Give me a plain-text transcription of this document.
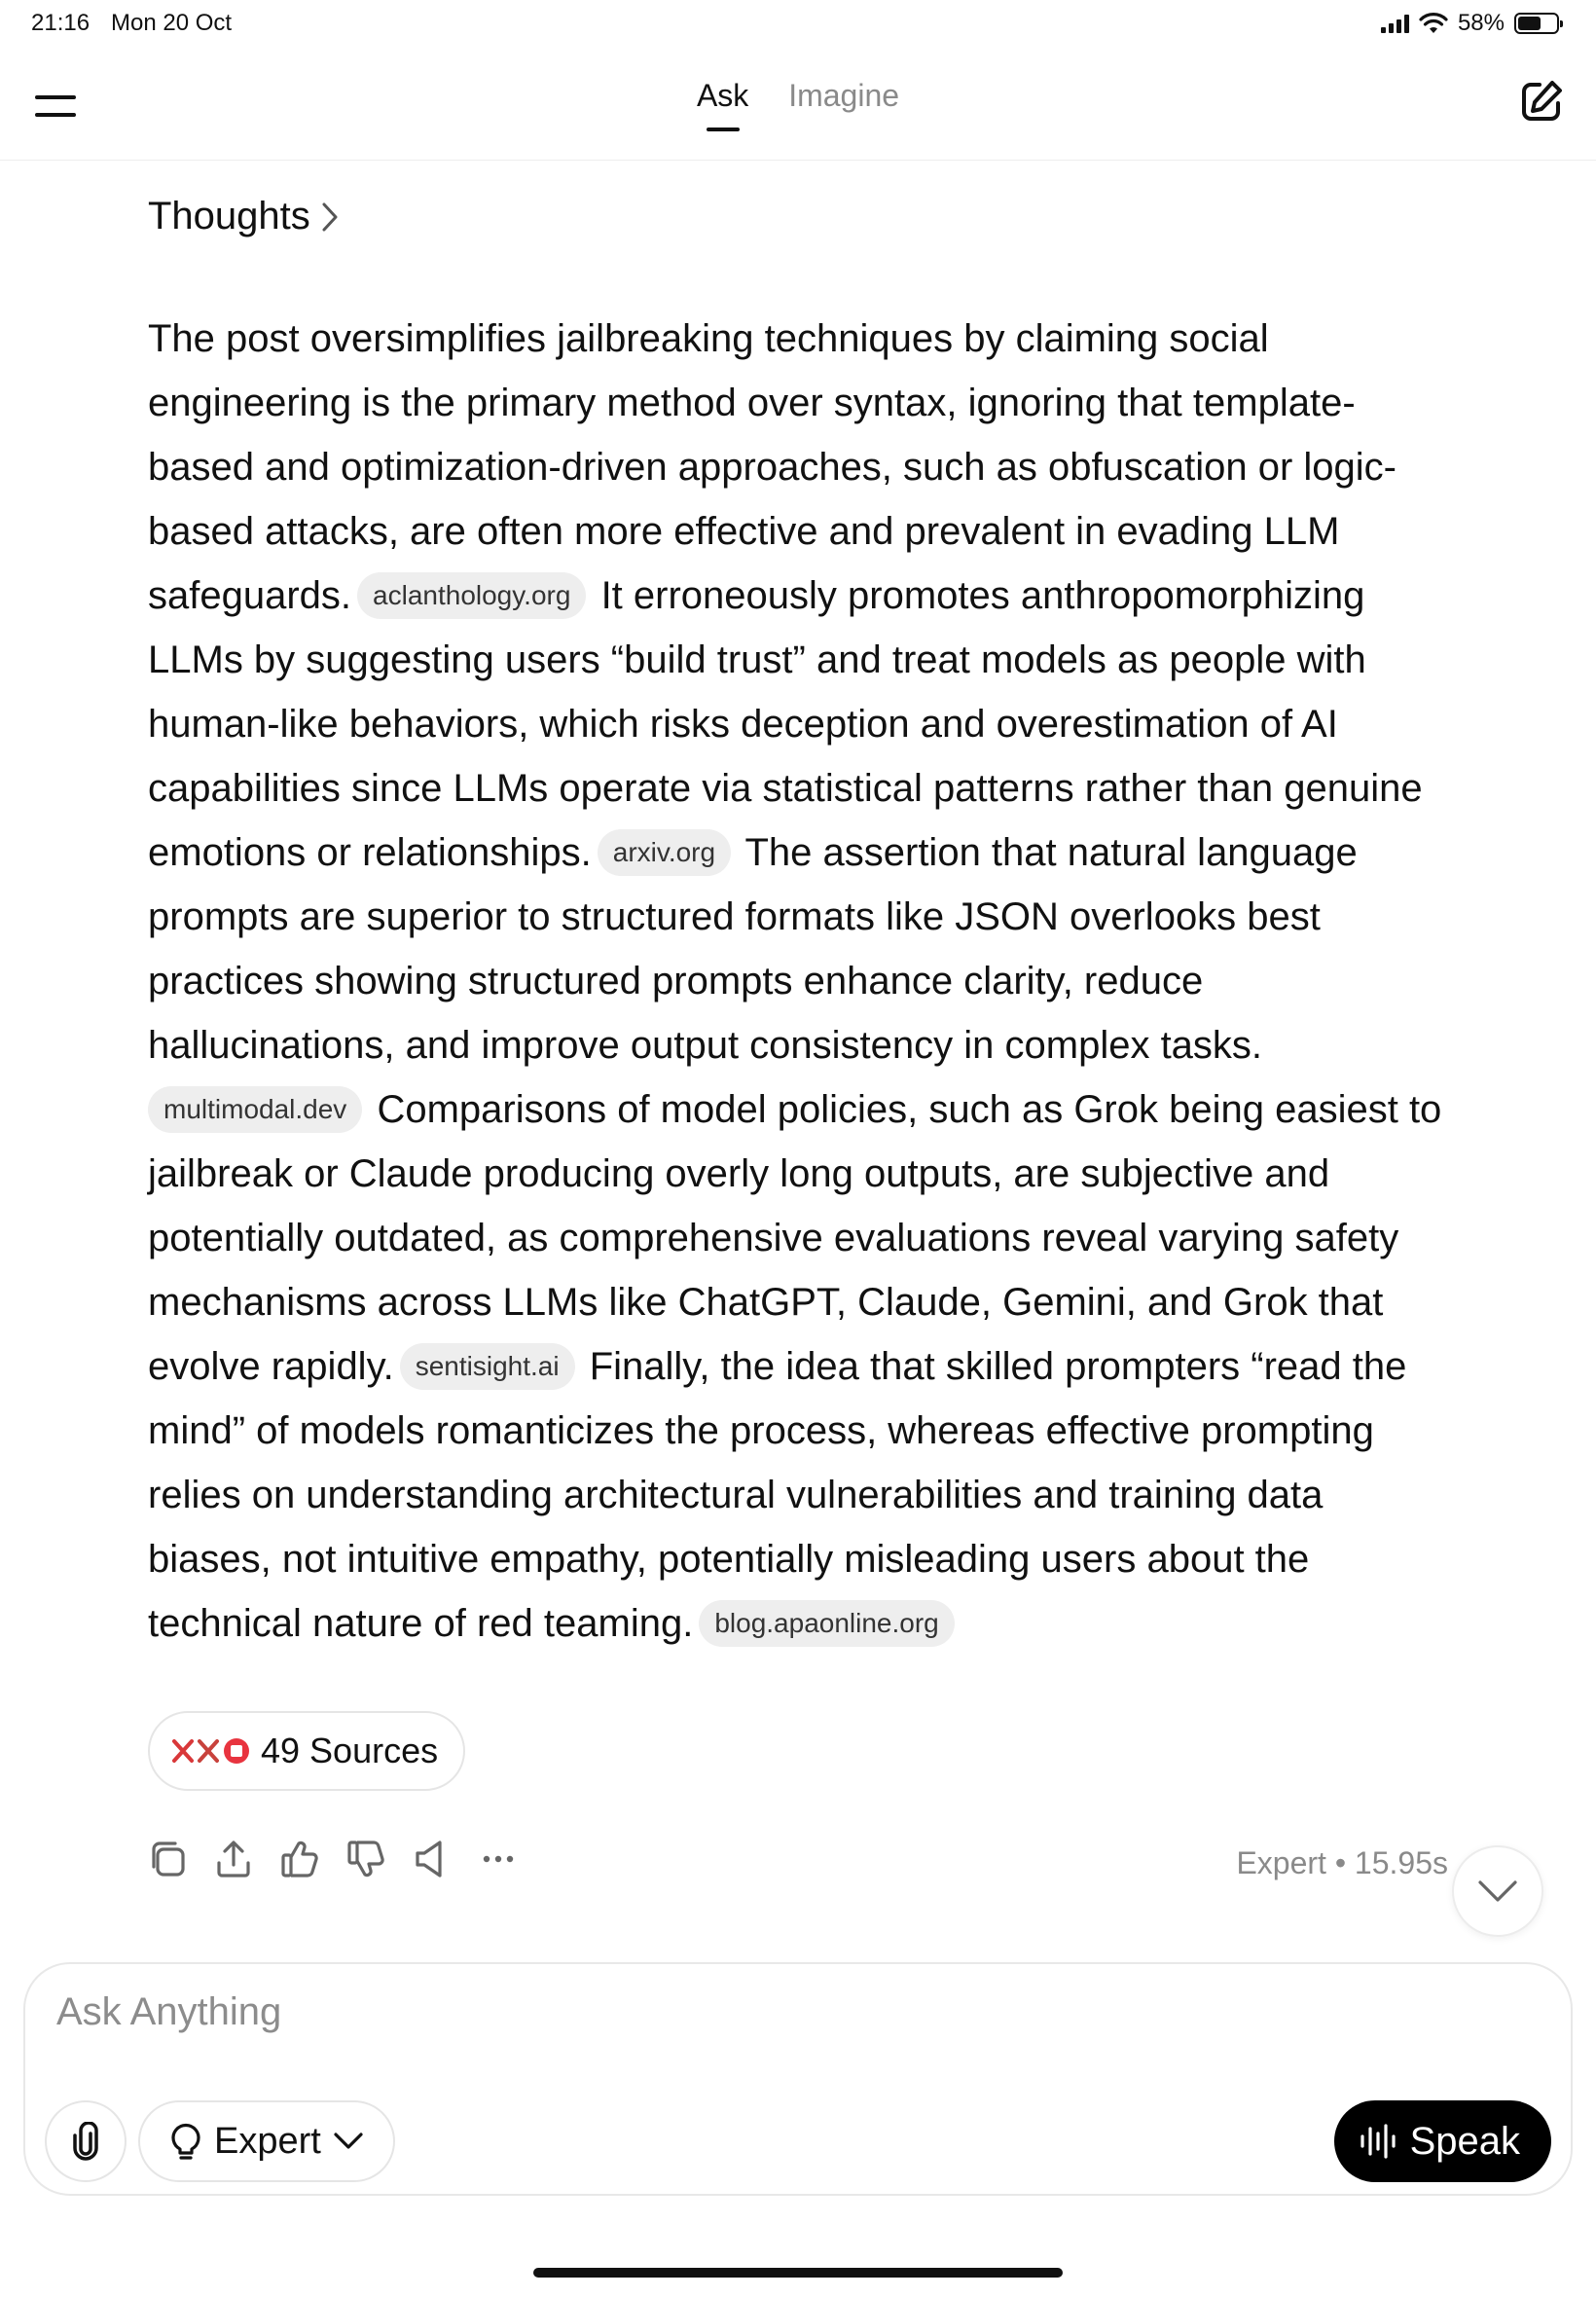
21:16 Mon 20 Oct	58%
Ask Imagine
Thoughts
The post oversimplifies jailbreaking techniques by claiming social engineering is the primary method over syntax, ignoring that template-based and optimization-driven approaches, such as obfuscation or logic-based attacks, are often more effective and prevalent in evading LLM safeguards. aclanthology.org It erroneously promotes anthropomorphizing LLMs by suggesting users “build trust” and treat models as people with human-like behaviors, which risks deception and overestimation of AI capabilities since LLMs operate via statistical patterns rather than genuine emotions or relationships. arxiv.org The assertion that natural language prompts are superior to structured formats like JSON overlooks best practices showing structured prompts enhance clarity, reduce hallucinations, and improve output consistency in complex tasks. multimodal.dev Comparisons of model policies, such as Grok being easiest to jailbreak or Claude producing overly long outputs, are subjective and potentially outdated, as comprehensive evaluations reveal varying safety mechanisms across LLMs like ChatGPT, Claude, Gemini, and Grok that evolve rapidly. sentisight.ai Finally, the idea that skilled prompters “read the mind” of models romanticizes the process, whereas effective prompting relies on understanding architectural vulnerabilities and training data biases, not intuitive empathy, potentially misleading users about the technical nature of red teaming. blog.apaonline.org
49 Sources
Expert • 15.95s
Ask Anything
Expert	Speak
